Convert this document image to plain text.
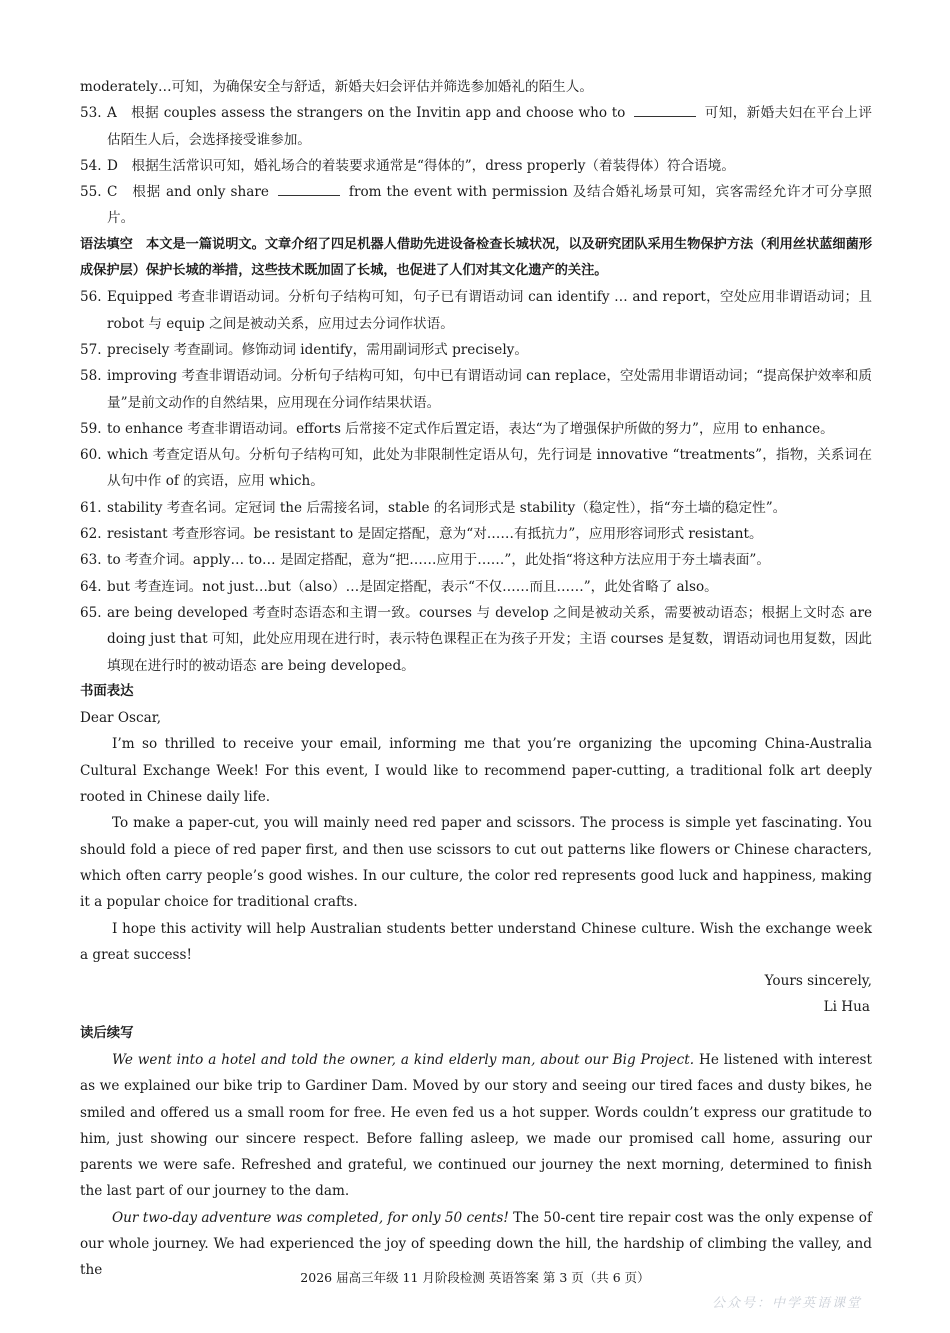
moderately…可知，为确保安全与舒适，新婚夫妇会评估并筛选参加婚礼的陌生人。
53. A　根据 couples assess the strangers on the Invitin app and choose who to	可知，新婚夫妇在平台上评估陌生人后，会选择接受谁参加。
54. D　根据生活常识可知，婚礼场合的着装要求通常是“得体的”，dress properly（着装得体）符合语境。
55. C　根据 and only share	from the event with permission 及结合婚礼场景可知，宾客需经允许才可分享照片。
语法填空　 本文是一篇说明文。文章介绍了四足机器人借助先进设备检查长城状况，以及研究团队采用生物保护方法（利用丝状蓝细菌形成保护层）保护长城的举措，这些技术既加固了长城，也促进了人们对其文化遗产的关注。
56. Equipped 考查非谓语动词。分析句子结构可知，句子已有谓语动词 can identify … and report，空处应用非谓语动词；且 robot 与 equip 之间是被动关系，应用过去分词作状语。
57. precisely 考查副词。修饰动词 identify，需用副词形式 precisely。
58. improving 考查非谓语动词。分析句子结构可知，句中已有谓语动词 can replace，空处需用非谓语动词；“提高保护效率和质量”是前文动作的自然结果，应用现在分词作结果状语。
59. to enhance 考查非谓语动词。efforts 后常接不定式作后置定语，表达“为了增强保护所做的努力”，应用 to enhance。
60. which 考查定语从句。分析句子结构可知，此处为非限制性定语从句，先行词是 innovative “treatments”，指物，关系词在从句中作 of 的宾语，应用 which。
61. stability 考查名词。定冠词 the 后需接名词，stable 的名词形式是 stability（稳定性），指“夯土墙的稳定性”。
62. resistant 考查形容词。be resistant to 是固定搭配，意为“对……有抵抗力”，应用形容词形式 resistant。
63. to 考查介词。apply… to… 是固定搭配，意为“把……应用于……”，此处指“将这种方法应用于夯土墙表面”。
64. but 考查连词。not just…but（also）…是固定搭配，表示“不仅……而且……”，此处省略了 also。
65. are being developed 考查时态语态和主谓一致。courses 与 develop 之间是被动关系，需要被动语态；根据上文时态 are doing just that 可知，此处应用现在进行时，表示特色课程正在为孩子开发；主语 courses 是复数，谓语动词也用复数，因此填现在进行时的被动语态 are being developed。
书面表达
Dear Oscar,
I’m so thrilled to receive your email, informing me that you’re organizing the upcoming China-Australia Cultural Exchange Week! For this event, I would like to recommend paper-cutting, a traditional folk art deeply rooted in Chinese daily life.
To make a paper-cut, you will mainly need red paper and scissors. The process is simple yet fascinating. You should fold a piece of red paper first, and then use scissors to cut out patterns like flowers or Chinese characters, which often carry people’s good wishes. In our culture, the color red represents good luck and happiness, making it a popular choice for traditional crafts.
I hope this activity will help Australian students better understand Chinese culture. Wish the exchange week a great success!
Yours sincerely,
Li Hua
读后续写
We went into a hotel and told the owner, a kind elderly man, about our Big Project. He listened with interest as we explained our bike trip to Gardiner Dam. Moved by our story and seeing our tired faces and dusty bikes, he smiled and offered us a small room for free. He even fed us a hot supper. Words couldn’t express our gratitude to him, just showing our sincere respect. Before falling asleep, we made our promised call home, assuring our parents we were safe. Refreshed and grateful, we continued our journey the next morning, determined to finish the last part of our journey to the dam.
Our two-day adventure was completed, for only 50 cents! The 50-cent tire repair cost was the only expense of our whole journey. We had experienced the joy of speeding down the hill, the hardship of climbing the valley, and the	2026 届高三年级 11 月阶段检测 英语答案 第 3 页（共 6 页）
公众号：中学英语课堂
